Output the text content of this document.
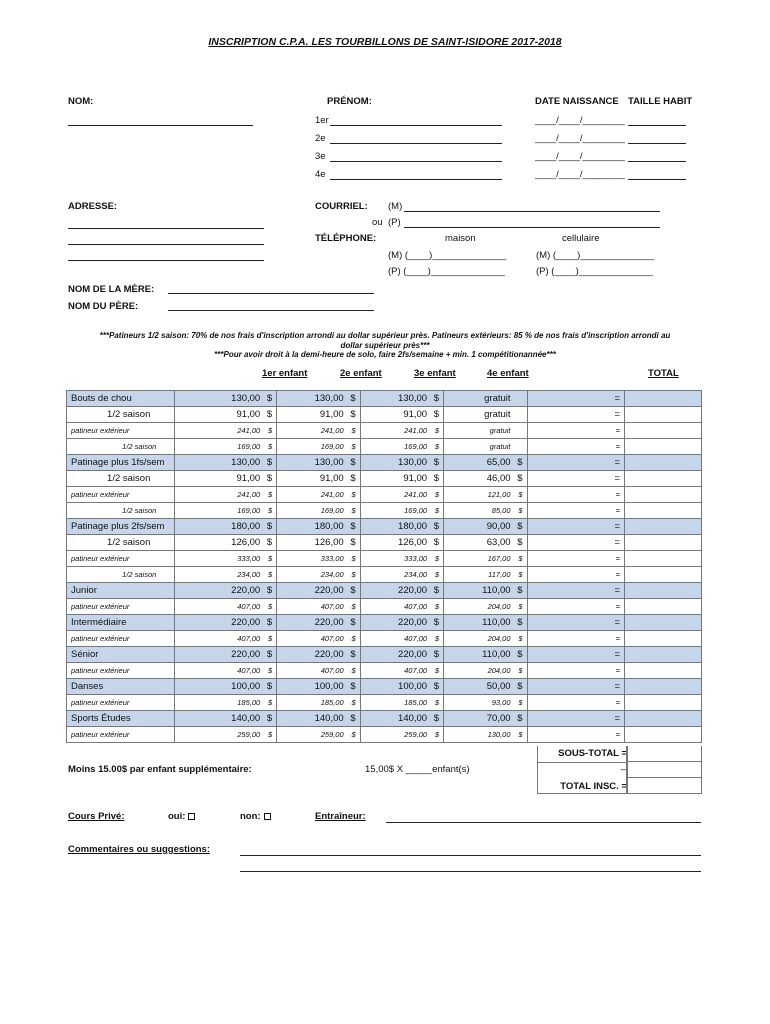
INSCRIPTION C.P.A. LES TOURBILLONS DE SAINT-ISIDORE 2017-2018
NOM:	PRÉNOM:	DATE NAISSANCE TAILLE HABIT
1er	____/____/________
2e	____/____/________
3e	____/____/________
4e	____/____/________
ADRESSE:	COURRIEL: (M)
ou (P)
TÉLÉPHONE:	maison	cellulaire
(M) (____)______________	(M) (____)______________
(P) (____)______________	(P) (____)______________
NOM DE LA MÈRE:
NOM DU PÈRE:
***Patineurs 1/2 saison: 70% de nos frais d'inscription arrondi au dollar supérieur près. Patineurs extérieurs: 85 % de nos frais d'inscription arrondi au
dollar supérieur près***
***Pour avoir droit à la demi-heure de solo, faire 2fs/semaine + min. 1 compétitionannée***
1er enfant	2e enfant	3e enfant	4e enfant	TOTAL
Bouts de chou	130,00 $	130,00 $	130,00 $	gratuit	=	
1/2 saison	91,00 $	91,00 $	91,00 $	gratuit	=	
patineur extérieur	241,00 $	241,00 $	241,00 $	gratuit	=	
1/2 saison	169,00 $	169,00 $	169,00 $	gratuit	=	
Patinage plus 1fs/sem	130,00 $	130,00 $	130,00 $	65,00 $	=	
1/2 saison	91,00 $	91,00 $	91,00 $	46,00 $	=	
patineur extérieur	241,00 $	241,00 $	241,00 $	121,00 $	=	
1/2 saison	169,00 $	169,00 $	169,00 $	85,00 $	=	
Patinage plus 2fs/sem	180,00 $	180,00 $	180,00 $	90,00 $	=	
1/2 saison	126,00 $	126,00 $	126,00 $	63,00 $	=	
patineur extérieur	333,00 $	333,00 $	333,00 $	167,00 $	=	
1/2 saison	234,00 $	234,00 $	234,00 $	117,00 $	=	
Junior	220,00 $	220,00 $	220,00 $	110,00 $	=	
patineur extérieur	407,00 $	407,00 $	407,00 $	204,00 $	=	
Intermédiaire	220,00 $	220,00 $	220,00 $	110,00 $	=	
patineur extérieur	407,00 $	407,00 $	407,00 $	204,00 $	=	
Sénior	220,00 $	220,00 $	220,00 $	110,00 $	=	
patineur extérieur	407,00 $	407,00 $	407,00 $	204,00 $	=	
Danses	100,00 $	100,00 $	100,00 $	50,00 $	=	
patineur extérieur	185,00 $	185,00 $	185,00 $	93,00 $	=	
Sports Études	140,00 $	140,00 $	140,00 $	70,00 $	=	
patineur extérieur	259,00 $	259,00 $	259,00 $	130,00 $	=	
SOUS-TOTAL =
–
TOTAL INSC. =
Moins 15.00$ par enfant supplémentaire:	15,00$ X _____enfant(s)
Cours Privé:	oui:	non:	Entraîneur:
Commentaires ou suggestions:
